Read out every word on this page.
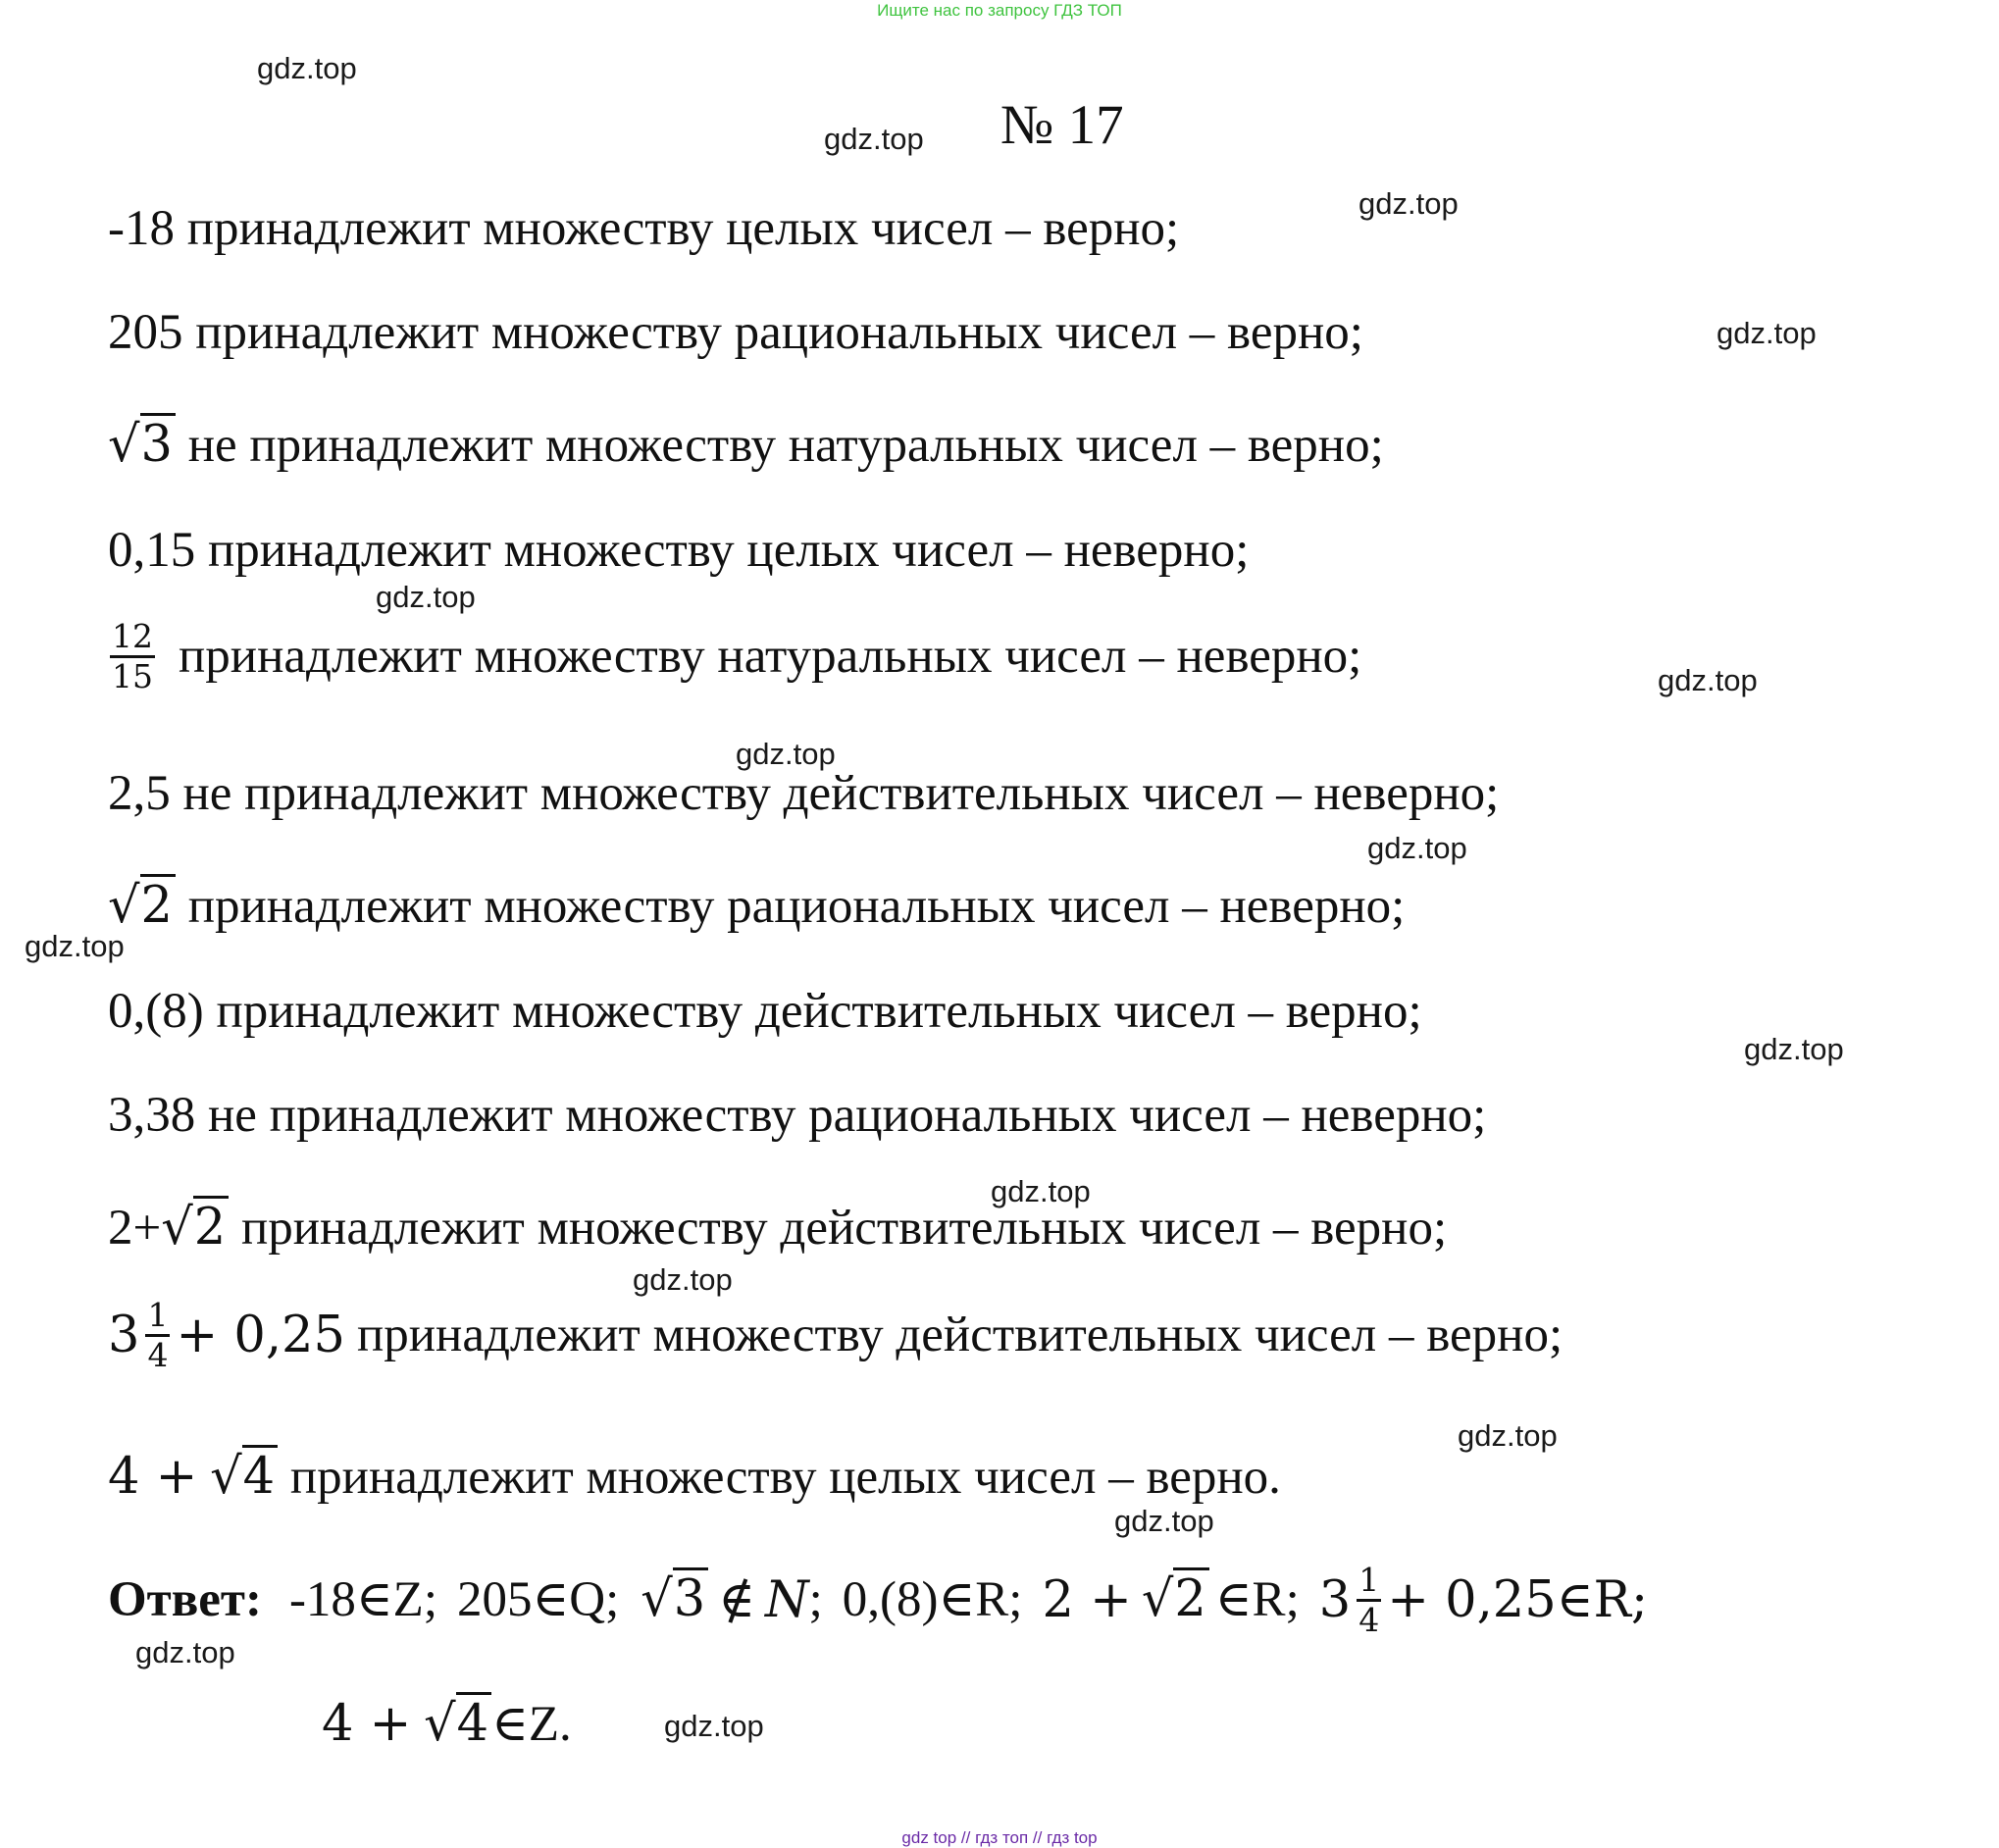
Ищите нас по запросу ГДЗ ТОП
gdz.top
gdz.top
gdz.top
gdz.top
gdz.top
gdz.top
gdz.top
gdz.top
gdz.top
gdz.top
gdz.top
gdz.top
gdz.top
gdz.top
gdz.top
gdz.top
№ 17
-18 принадлежит множеству целых чисел – верно;
205 принадлежит множеству рациональных чисел – верно;
√3 не принадлежит множеству натуральных чисел – верно;
0,15 принадлежит множеству целых чисел – неверно;
$\frac{12}{15}$ принадлежит множеству натуральных чисел – неверно;
2,5 не принадлежит множеству действительных чисел – неверно;
√2 принадлежит множеству рациональных чисел – неверно;
0,(8) принадлежит множеству действительных чисел – верно;
3,38 не принадлежит множеству рациональных чисел – неверно;
2+√2 принадлежит множеству действительных чисел – верно;
$3 \frac{1}{4} + 0,25$ принадлежит множеству действительных чисел – верно;
4 + √4 принадлежит множеству целых чисел – верно.
Ответ: -18∈Z; 205∈Q; √3 ∉ N ; 0,(8)∈R; 2 + √2 ∈R; $3 \frac{1}{4}$ + 0,25∈R;
4 + √4∈Z.
gdz top // гдз топ // гдз top
